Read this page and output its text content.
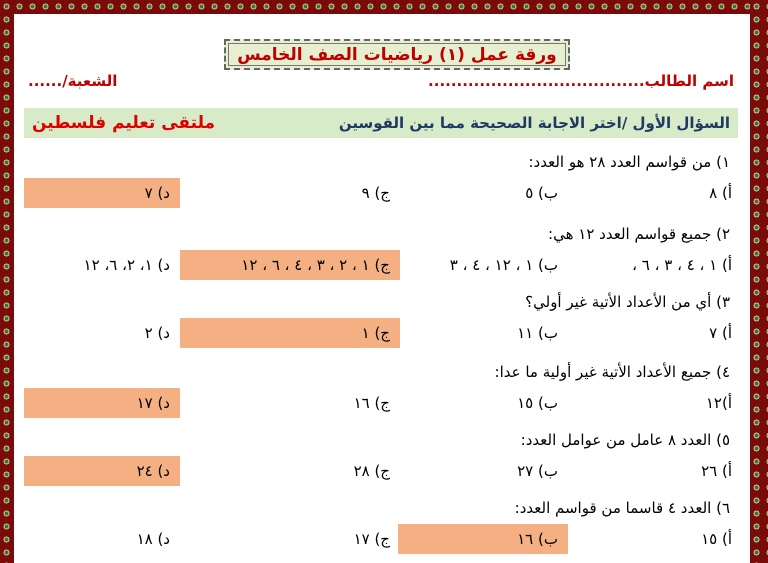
ورقة عمل (١) رياضيات الصف الخامس
اسم الطالب......................................
الشعبة/......
السؤال الأول /اختر الاجابة الصحيحة مما بين القوسين
ملتقى تعليم فلسطين
١) من قواسم العدد ٢٨ هو العدد:
أ) ٨
ب) ٥
ج) ٩
د) ٧
٢) جميع قواسم العدد ١٢ هي:
أ) ١ ، ٤ ، ٣ ، ٦ ،
ب) ١ ، ١٢ ، ٤ ، ٣
ج) ١ ، ٢ ، ٣ ، ٤ ، ٦ ، ١٢
د) ١، ٢، ٦، ١٢
٣) أي من الأعداد الأتية غير أولي؟
أ) ٧
ب) ١١
ج) ١
د) ٢
٤) جميع الأعداد الأتية غير أولية ما عدا:
أ)١٢
ب) ١٥
ج) ١٦
د) ١٧
٥) العدد ٨ عامل من عوامل العدد:
أ) ٢٦
ب) ٢٧
ج) ٢٨
د) ٢٤
٦) العدد ٤ قاسما من قواسم العدد:
أ) ١٥
ب) ١٦
ج) ١٧
د) ١٨
